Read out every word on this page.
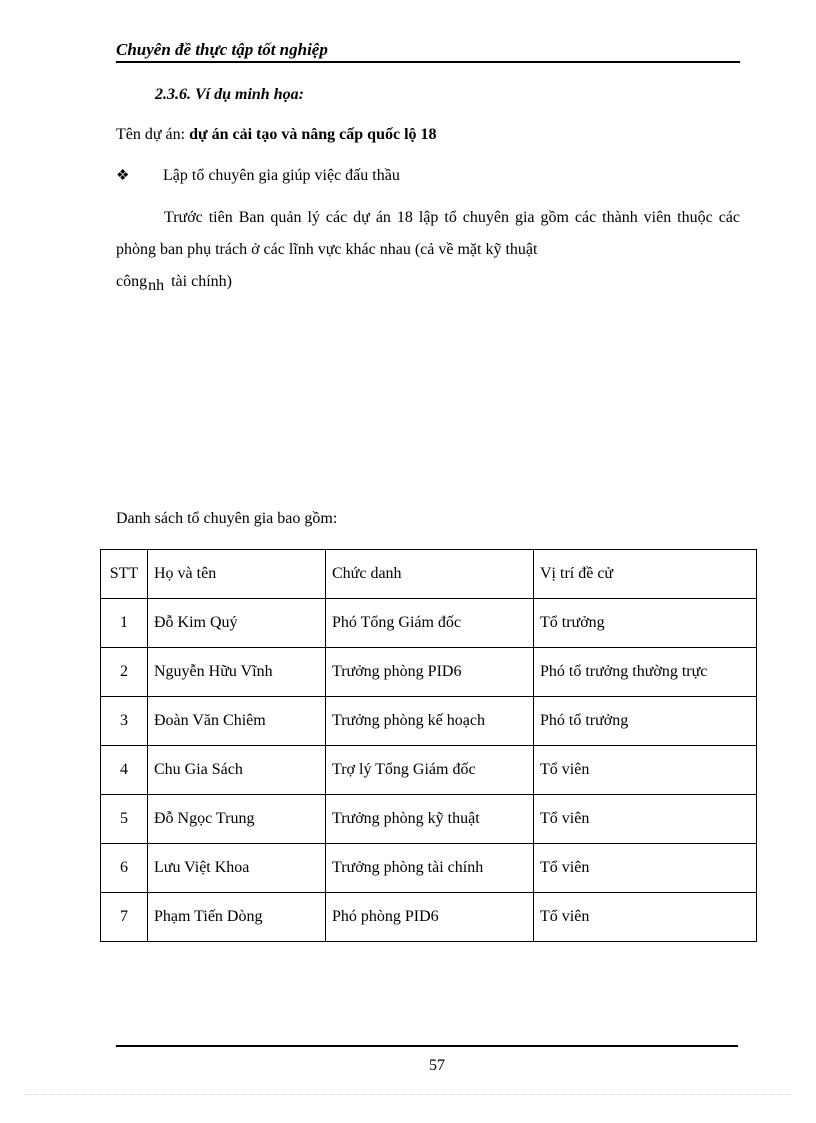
Chuyên đề thực tập tốt nghiệp
2.3.6. Ví dụ minh họa:
Tên dự án: dự án cải tạo và nâng cấp quốc lộ 18
❖ Lập tổ chuyên gia giúp việc đấu thầu
Trước tiên Ban quản lý các dự án 18 lập tổ chuyên gia gồm các thành viên thuộc các phòng ban phụ trách ở các lĩnh vực khác nhau (cả về mặt kỹ thuật
côngnh tài chính)
Danh sách tổ chuyên gia bao gồm:
STT	Họ và tên	Chức danh	Vị trí đề cử
1	Đỗ Kim Quý	Phó Tổng Giám đốc	Tổ trưởng
2	Nguyễn Hữu Vĩnh	Trưởng phòng PID6	Phó tổ trưởng thường trực
3	Đoàn Văn Chiêm	Trưởng phòng kế hoạch	Phó tổ trưởng
4	Chu Gia Sách	Trợ lý Tổng Giám đốc	Tổ viên
5	Đỗ Ngọc Trung	Trưởng phòng kỹ thuật	Tổ viên
6	Lưu Việt Khoa	Trưởng phòng tài chính	Tổ viên
7	Phạm Tiến Dòng	Phó phòng PID6	Tổ viên
57
